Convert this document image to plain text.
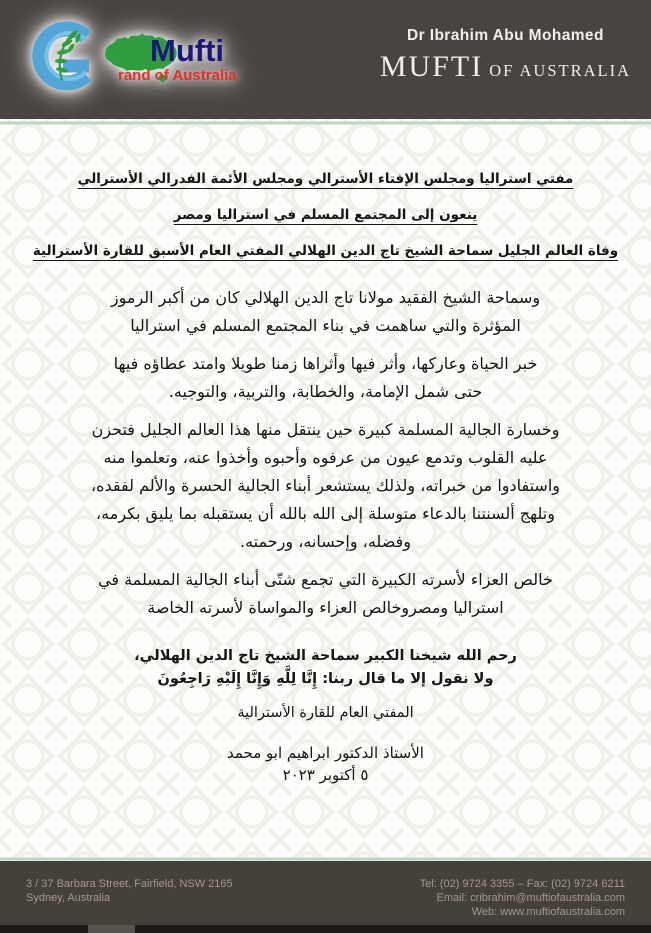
Mufti
rand of Australia
Dr Ibrahim Abu Mohamed
MUFTI OF AUSTRALIA
مفتي استراليا ومجلس الإفتاء الأسترالي ومجلس الأئمة الفدرالي الأسترالي
ينعون إلى المجتمع المسلم في استراليا ومصر
وفاة العالم الجليل سماحة الشيخ تاج الدين الهلالي المفتي العام الأسبق للقارة الأسترالية
وسماحة الشيخ الفقيد مولانا تاج الدين الهلالي كان من أكبر الرموز
المؤثرة والتي ساهمت في بناء المجتمع المسلم في استراليا
خبر الحياة وعاركها، وأثر فيها وأثراها زمنا طويلا وامتد عطاؤه فيها
حتى شمل الإمامة، والخطابة، والتربية، والتوجيه.
وخسارة الجالية المسلمة كبيرة حين ينتقل منها هذا العالم الجليل فتحزن
عليه القلوب وتدمع عيون من عرفوه وأحبوه وأخذوا عنه، وتعلموا منه
واستفادوا من خبراته، ولذلك يستشعر أبناء الجالية الحسرة والألم لفقده،
وتلهج ألسنتنا بالدعاء متوسلة إلى الله بالله أن يستقبله بما يليق بكرمه،
وفضله، وإحسانه، ورحمته.
خالص العزاء لأسرته الكبيرة التي تجمع شتّى أبناء الجالية المسلمة في
استراليا ومصروخالص العزاء والمواساة لأسرته الخاصة
رحم الله شيخنا الكبير سماحة الشيخ تاج الدين الهلالي،
ولا نقول إلا ما قال ربنا: إِنَّا لِلَّهِ وَإِنَّا إِلَيْهِ رَاجِعُونَ
المفتي العام للقارة الأسترالية
الأستاذ الدكتور ابراهيم ابو محمد
٥ أكتوبر ٢٠٢٣
3 / 37 Barbara Street, Fairfield, NSW 2165
Sydney, Australia
Tel: (02) 9724 3355 – Fax: (02) 9724 6211
Email: cribrahim@muftiofaustralia.com
Web: www.muftiofaustralia.com
